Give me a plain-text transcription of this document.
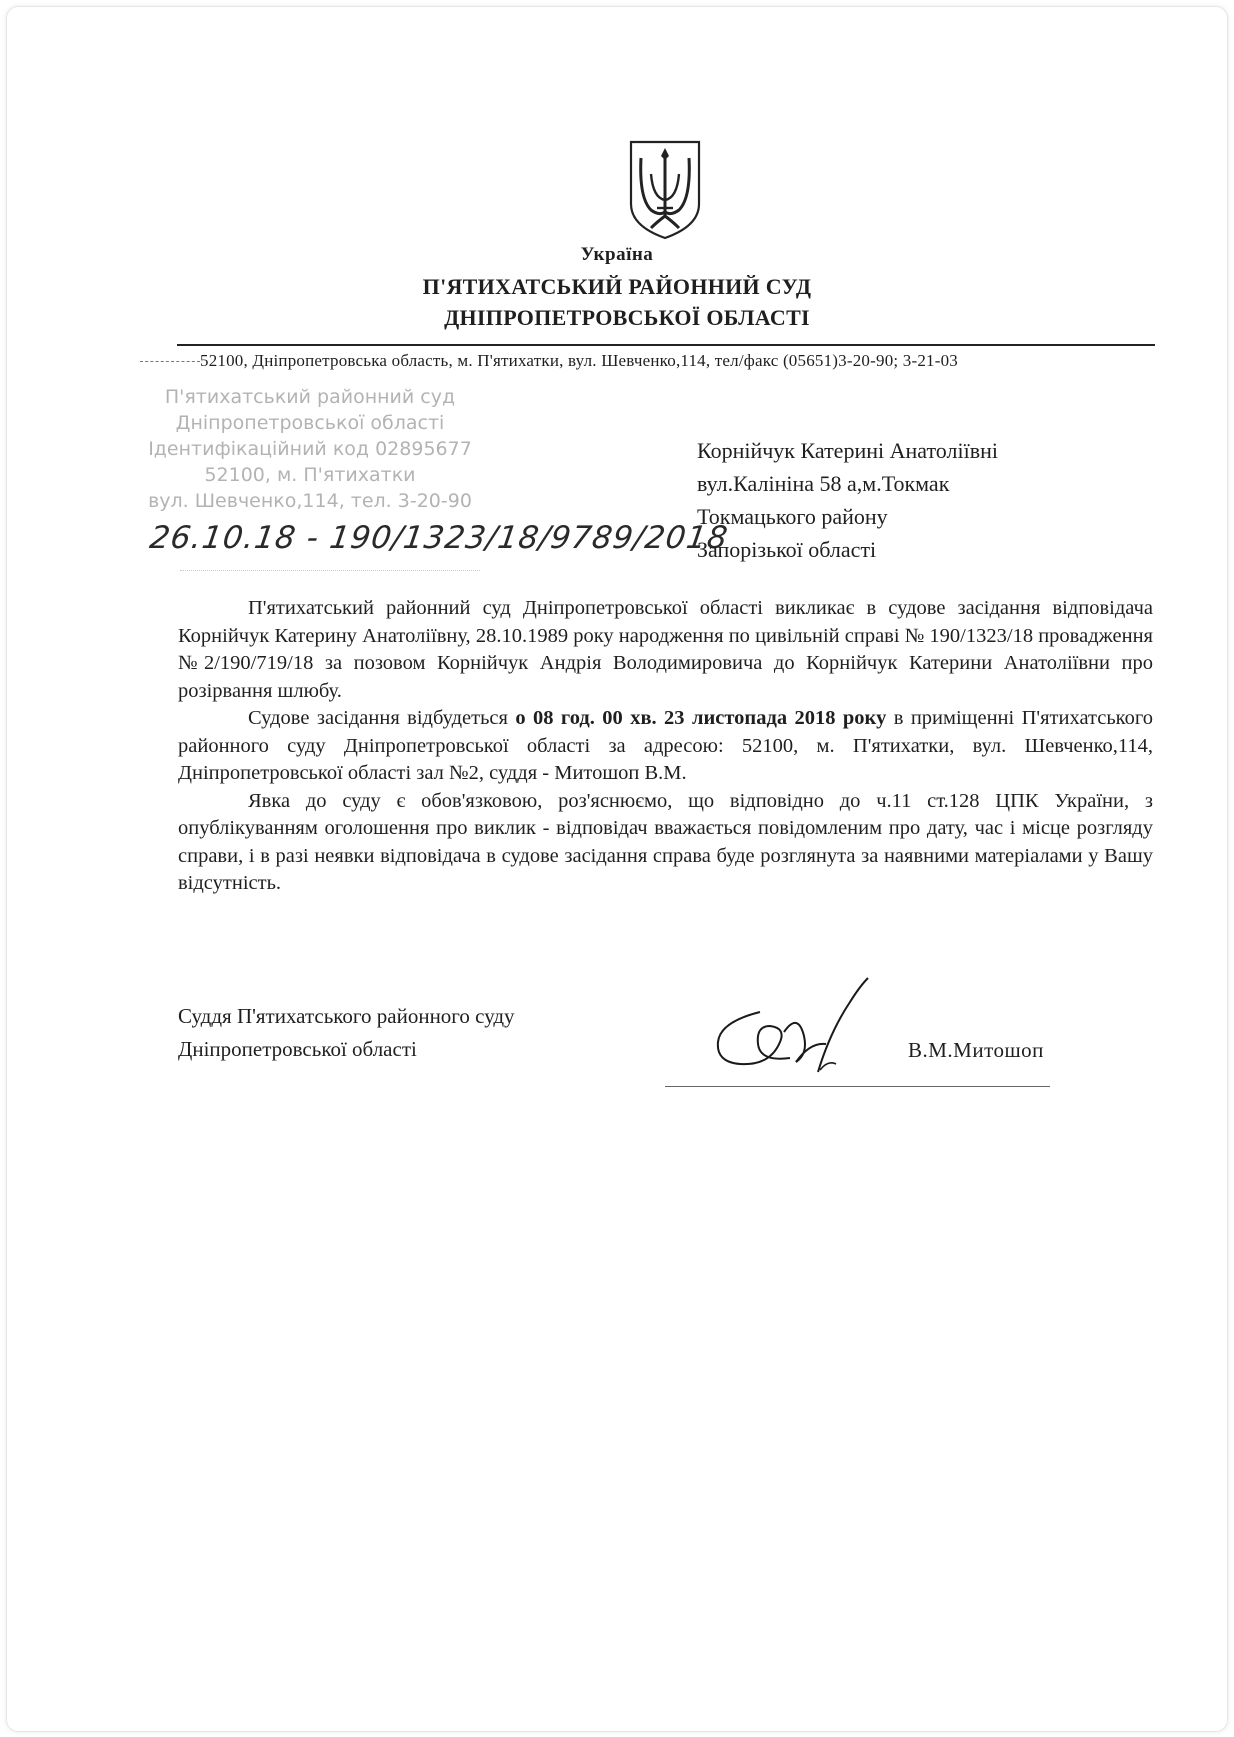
Україна
П'ЯТИХАТСЬКИЙ РАЙОННИЙ СУД
ДНІПРОПЕТРОВСЬКОЇ ОБЛАСТІ
52100, Дніпропетровська область, м. П'ятихатки, вул. Шевченко,114, тел/факс (05651)3-20-90; 3-21-03
П'ятихатський районний суд
Дніпропетровської області
Ідентифікаційний код 02895677
52100, м. П'ятихатки
вул. Шевченко,114, тел. 3-20-90
26.10.18 - 190/1323/18/9789/2018
Корнійчук Катерині Анатоліївні
вул.Калініна 58 а,м.Токмак
Токмацького району
Запорізької області

П'ятихатський районний суд Дніпропетровської області викликає в судове засідання відповідача Корнійчук Катерину Анатоліївну, 28.10.1989 року народження по цивільній справі № 190/1323/18 провадження №2/190/719/18 за позовом Корнійчук Андрія Володимировича до Корнійчук Катерини Анатоліївни про розірвання шлюбу.

Судове засідання відбудеться о 08 год. 00 хв. 23 листопада 2018 року в приміщенні П'ятихатського районного суду Дніпропетровської області за адресою: 52100, м. П'ятихатки, вул. Шевченко,114, Дніпропетровської області зал №2, суддя - Митошоп В.М.

Явка до суду є обов'язковою, роз'яснюємо, що відповідно до ч.11 ст.128 ЦПК України, з опублікуванням оголошення про виклик - відповідач вважається повідомленим про дату, час і місце розгляду справи, і в разі неявки відповідача в судове засідання справа буде розглянута за наявними матеріалами у Вашу відсутність.

Суддя П'ятихатського районного суду
Дніпропетровської області	В.М.Митошоп
